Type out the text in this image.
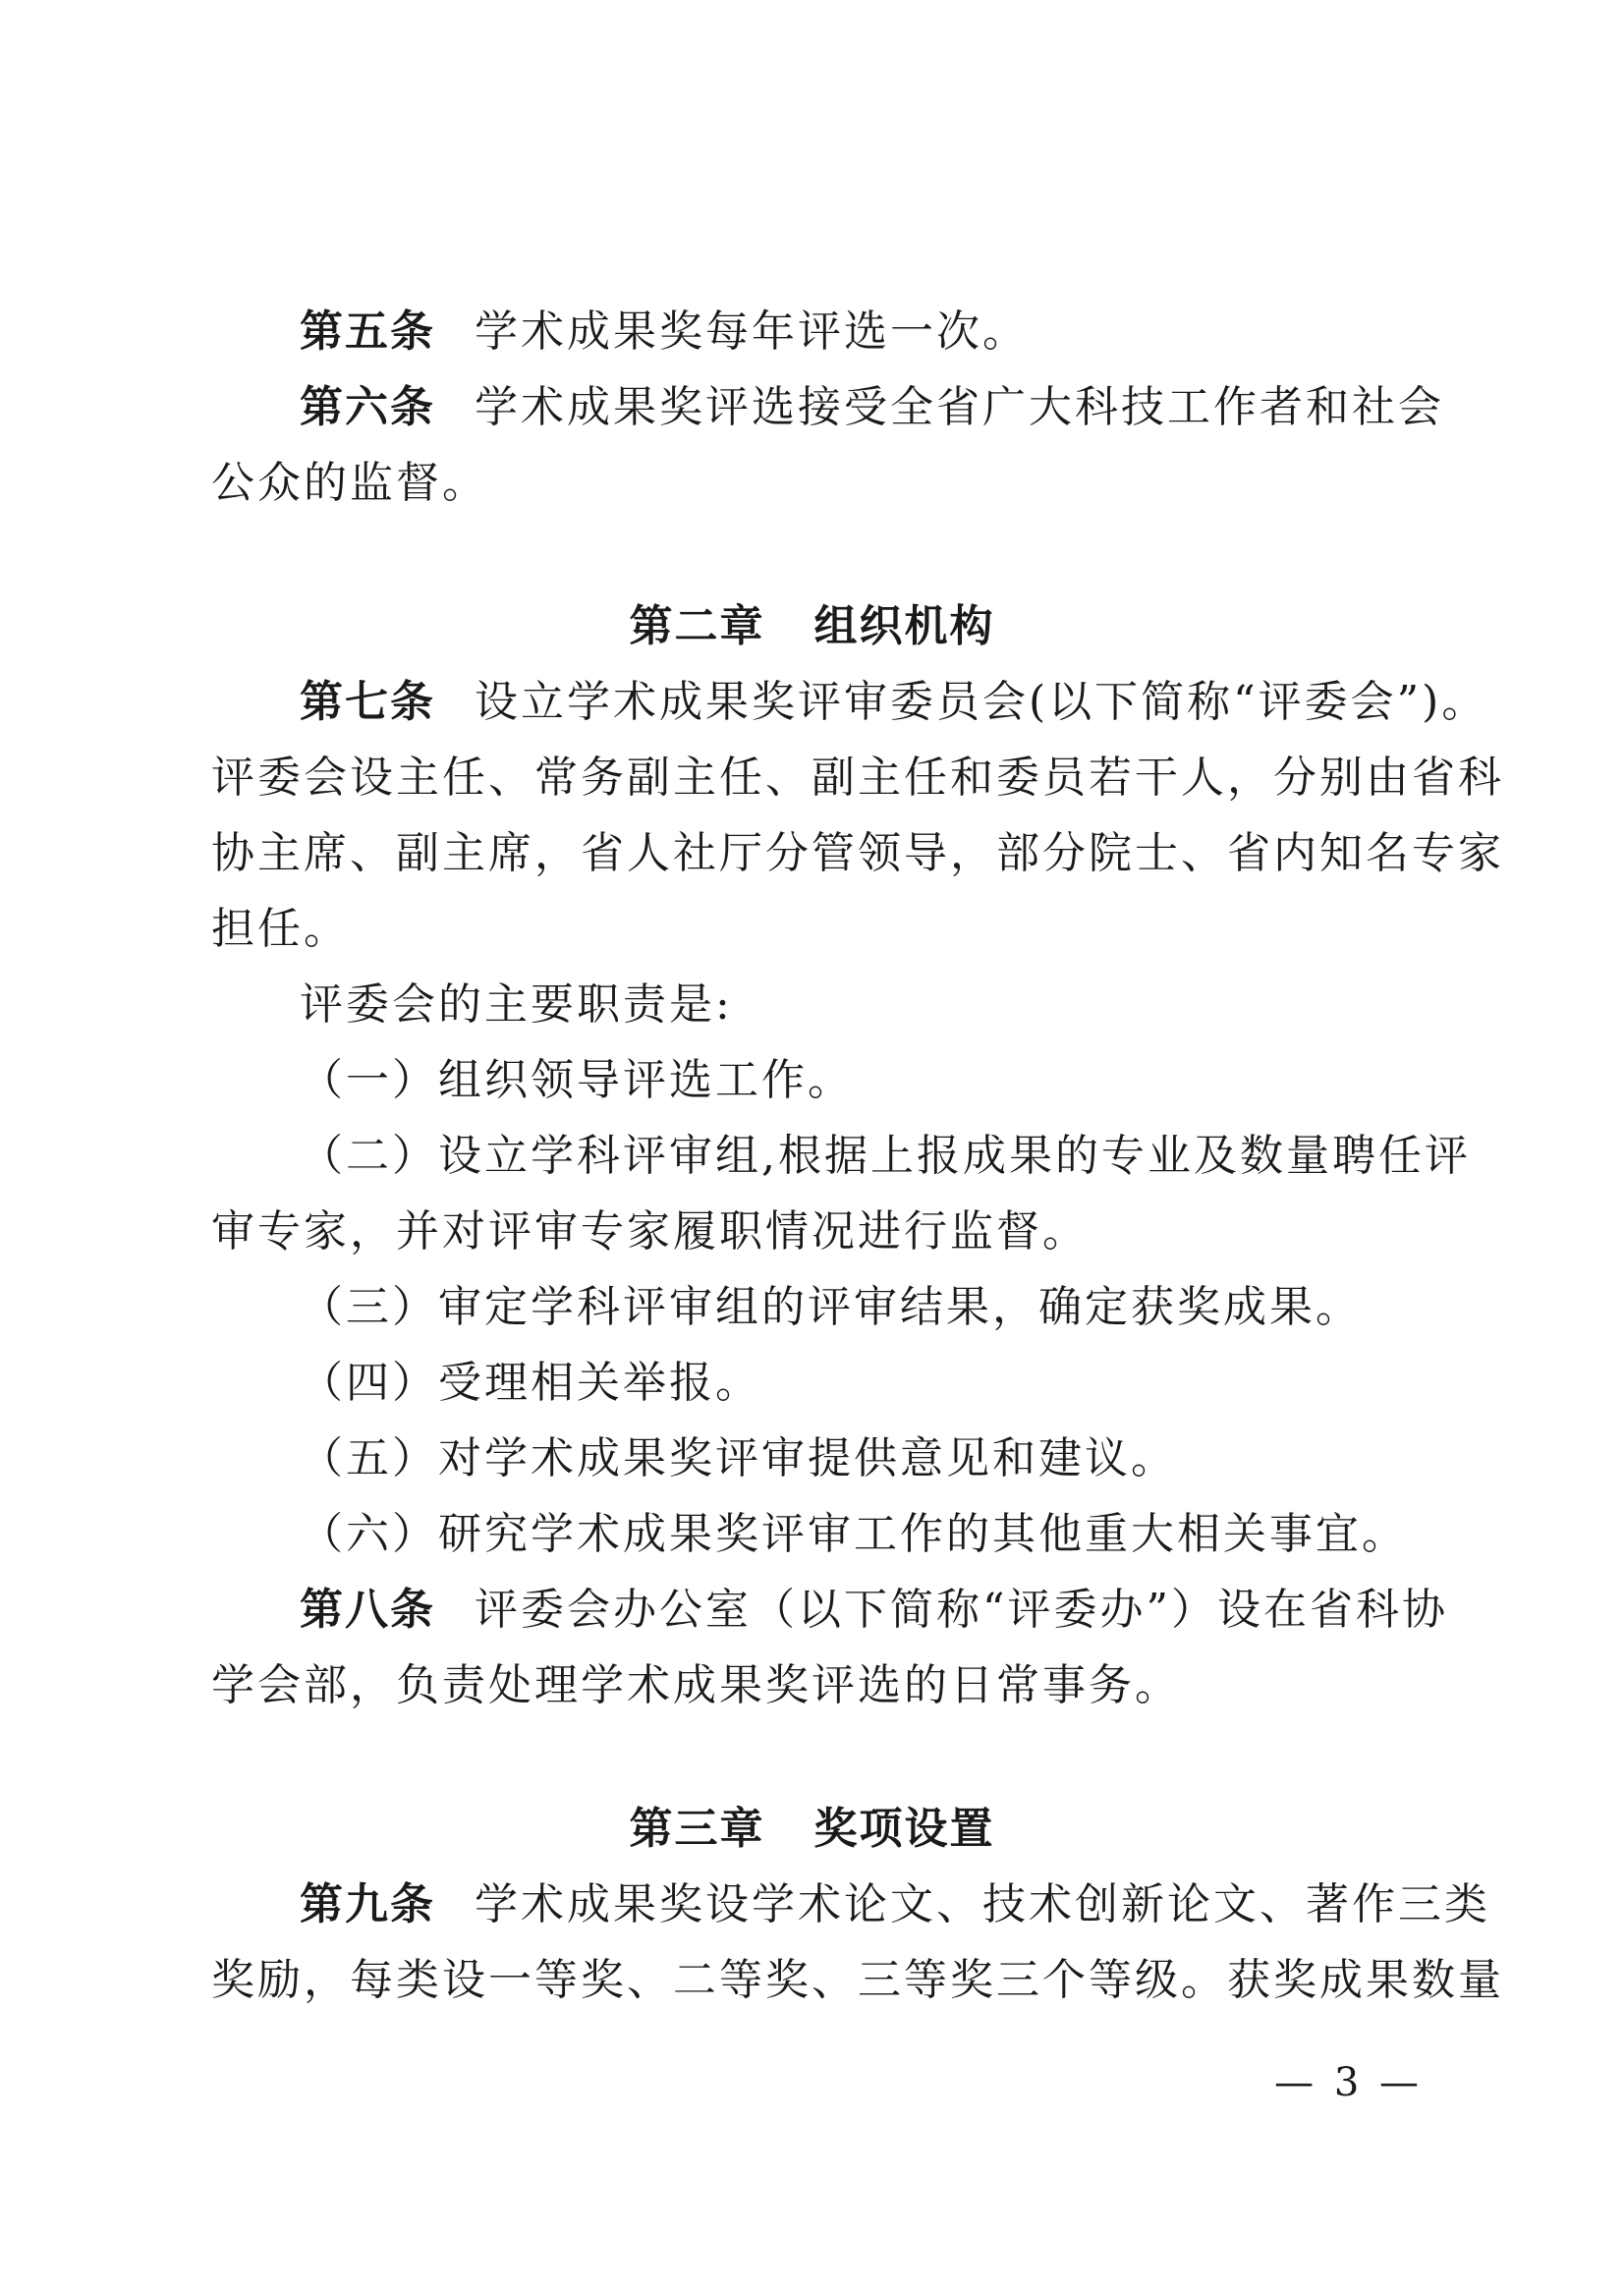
第五条 学术成果奖每年评选一次。
第六条 学术成果奖评选接受全省广大科技工作者和社会
公众的监督。
第二章 组织机构
第七条 设立学术成果奖评审委员会(以下简称“评委会”)。
评委会设主任、常务副主任、副主任和委员若干人，分别由省科
协主席、副主席，省人社厅分管领导，部分院士、省内知名专家
担任。
评委会的主要职责是:
（一）组织领导评选工作。
（二）设立学科评审组,根据上报成果的专业及数量聘任评
审专家，并对评审专家履职情况进行监督。
（三）审定学科评审组的评审结果，确定获奖成果。
（四）受理相关举报。
（五）对学术成果奖评审提供意见和建议。
（六）研究学术成果奖评审工作的其他重大相关事宜。
第八条 评委会办公室（以下简称“评委办”）设在省科协
学会部，负责处理学术成果奖评选的日常事务。
第三章 奖项设置
第九条 学术成果奖设学术论文、技术创新论文、著作三类
奖励，每类设一等奖、二等奖、三等奖三个等级。获奖成果数量
— 3 —
